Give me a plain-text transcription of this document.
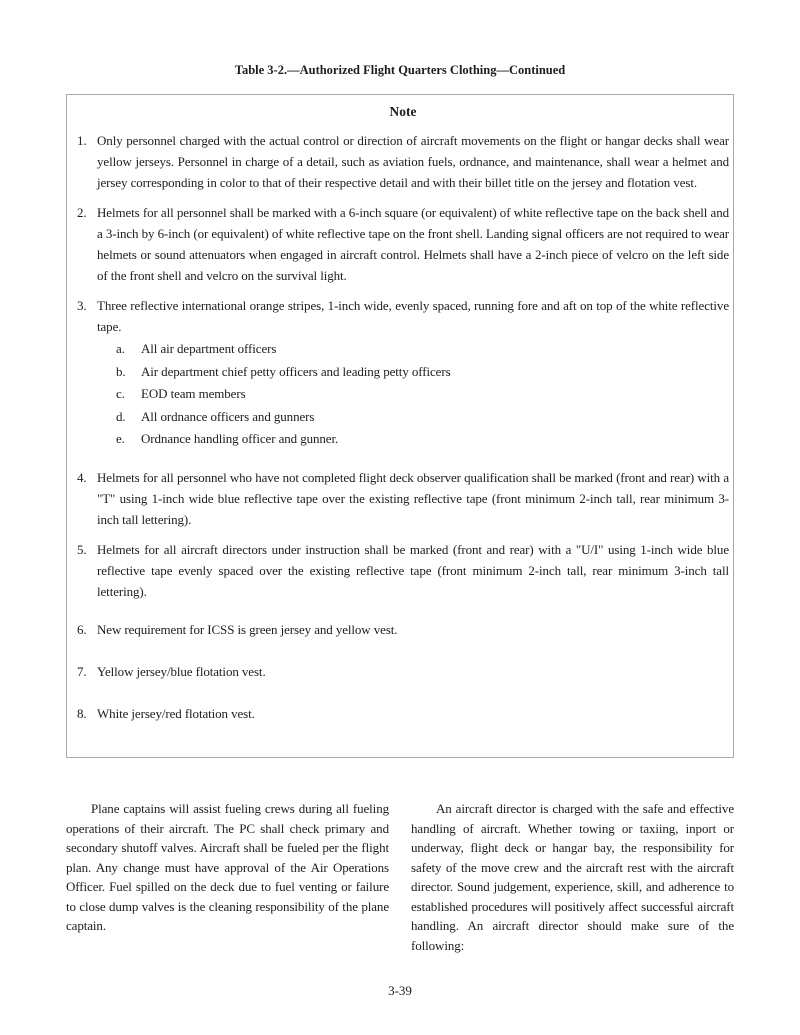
Table 3-2.—Authorized Flight Quarters Clothing—Continued
Note
1. Only personnel charged with the actual control or direction of aircraft movements on the flight or hangar decks shall wear yellow jerseys. Personnel in charge of a detail, such as aviation fuels, ordnance, and maintenance, shall wear a helmet and jersey corresponding in color to that of their respective detail and with their billet title on the jersey and flotation vest.
2. Helmets for all personnel shall be marked with a 6-inch square (or equivalent) of white reflective tape on the back shell and a 3-inch by 6-inch (or equivalent) of white reflective tape on the front shell. Landing signal officers are not required to wear helmets or sound attenuators when engaged in aircraft control. Helmets shall have a 2-inch piece of velcro on the left side of the front shell and velcro on the survival light.
3. Three reflective international orange stripes, 1-inch wide, evenly spaced, running fore and aft on top of the white reflective tape.
a.	All air department officers
b.	Air department chief petty officers and leading petty officers
c.	EOD team members
d.	All ordnance officers and gunners
e.	Ordnance handling officer and gunner.
4. Helmets for all personnel who have not completed flight deck observer qualification shall be marked (front and rear) with a "T" using 1-inch wide blue reflective tape over the existing reflective tape (front minimum 2-inch tall, rear minimum 3-inch tall lettering).
5. Helmets for all aircraft directors under instruction shall be marked (front and rear) with a "U/I" using 1-inch wide blue reflective tape evenly spaced over the existing reflective tape (front minimum 2-inch tall, rear minimum 3-inch tall lettering).
6. New requirement for ICSS is green jersey and yellow vest.
7. Yellow jersey/blue flotation vest.
8. White jersey/red flotation vest.
Plane captains will assist fueling crews during all fueling operations of their aircraft. The PC shall check primary and secondary shutoff valves. Aircraft shall be fueled per the flight plan. Any change must have approval of the Air Operations Officer. Fuel spilled on the deck due to fuel venting or failure to close dump valves is the cleaning responsibility of the plane captain.
An aircraft director is charged with the safe and effective handling of aircraft. Whether towing or taxiing, inport or underway, flight deck or hangar bay, the responsibility for safety of the move crew and the aircraft rest with the aircraft director. Sound judgement, experience, skill, and adherence to established procedures will positively affect successful aircraft handling. An aircraft director should make sure of the following:
3-39
